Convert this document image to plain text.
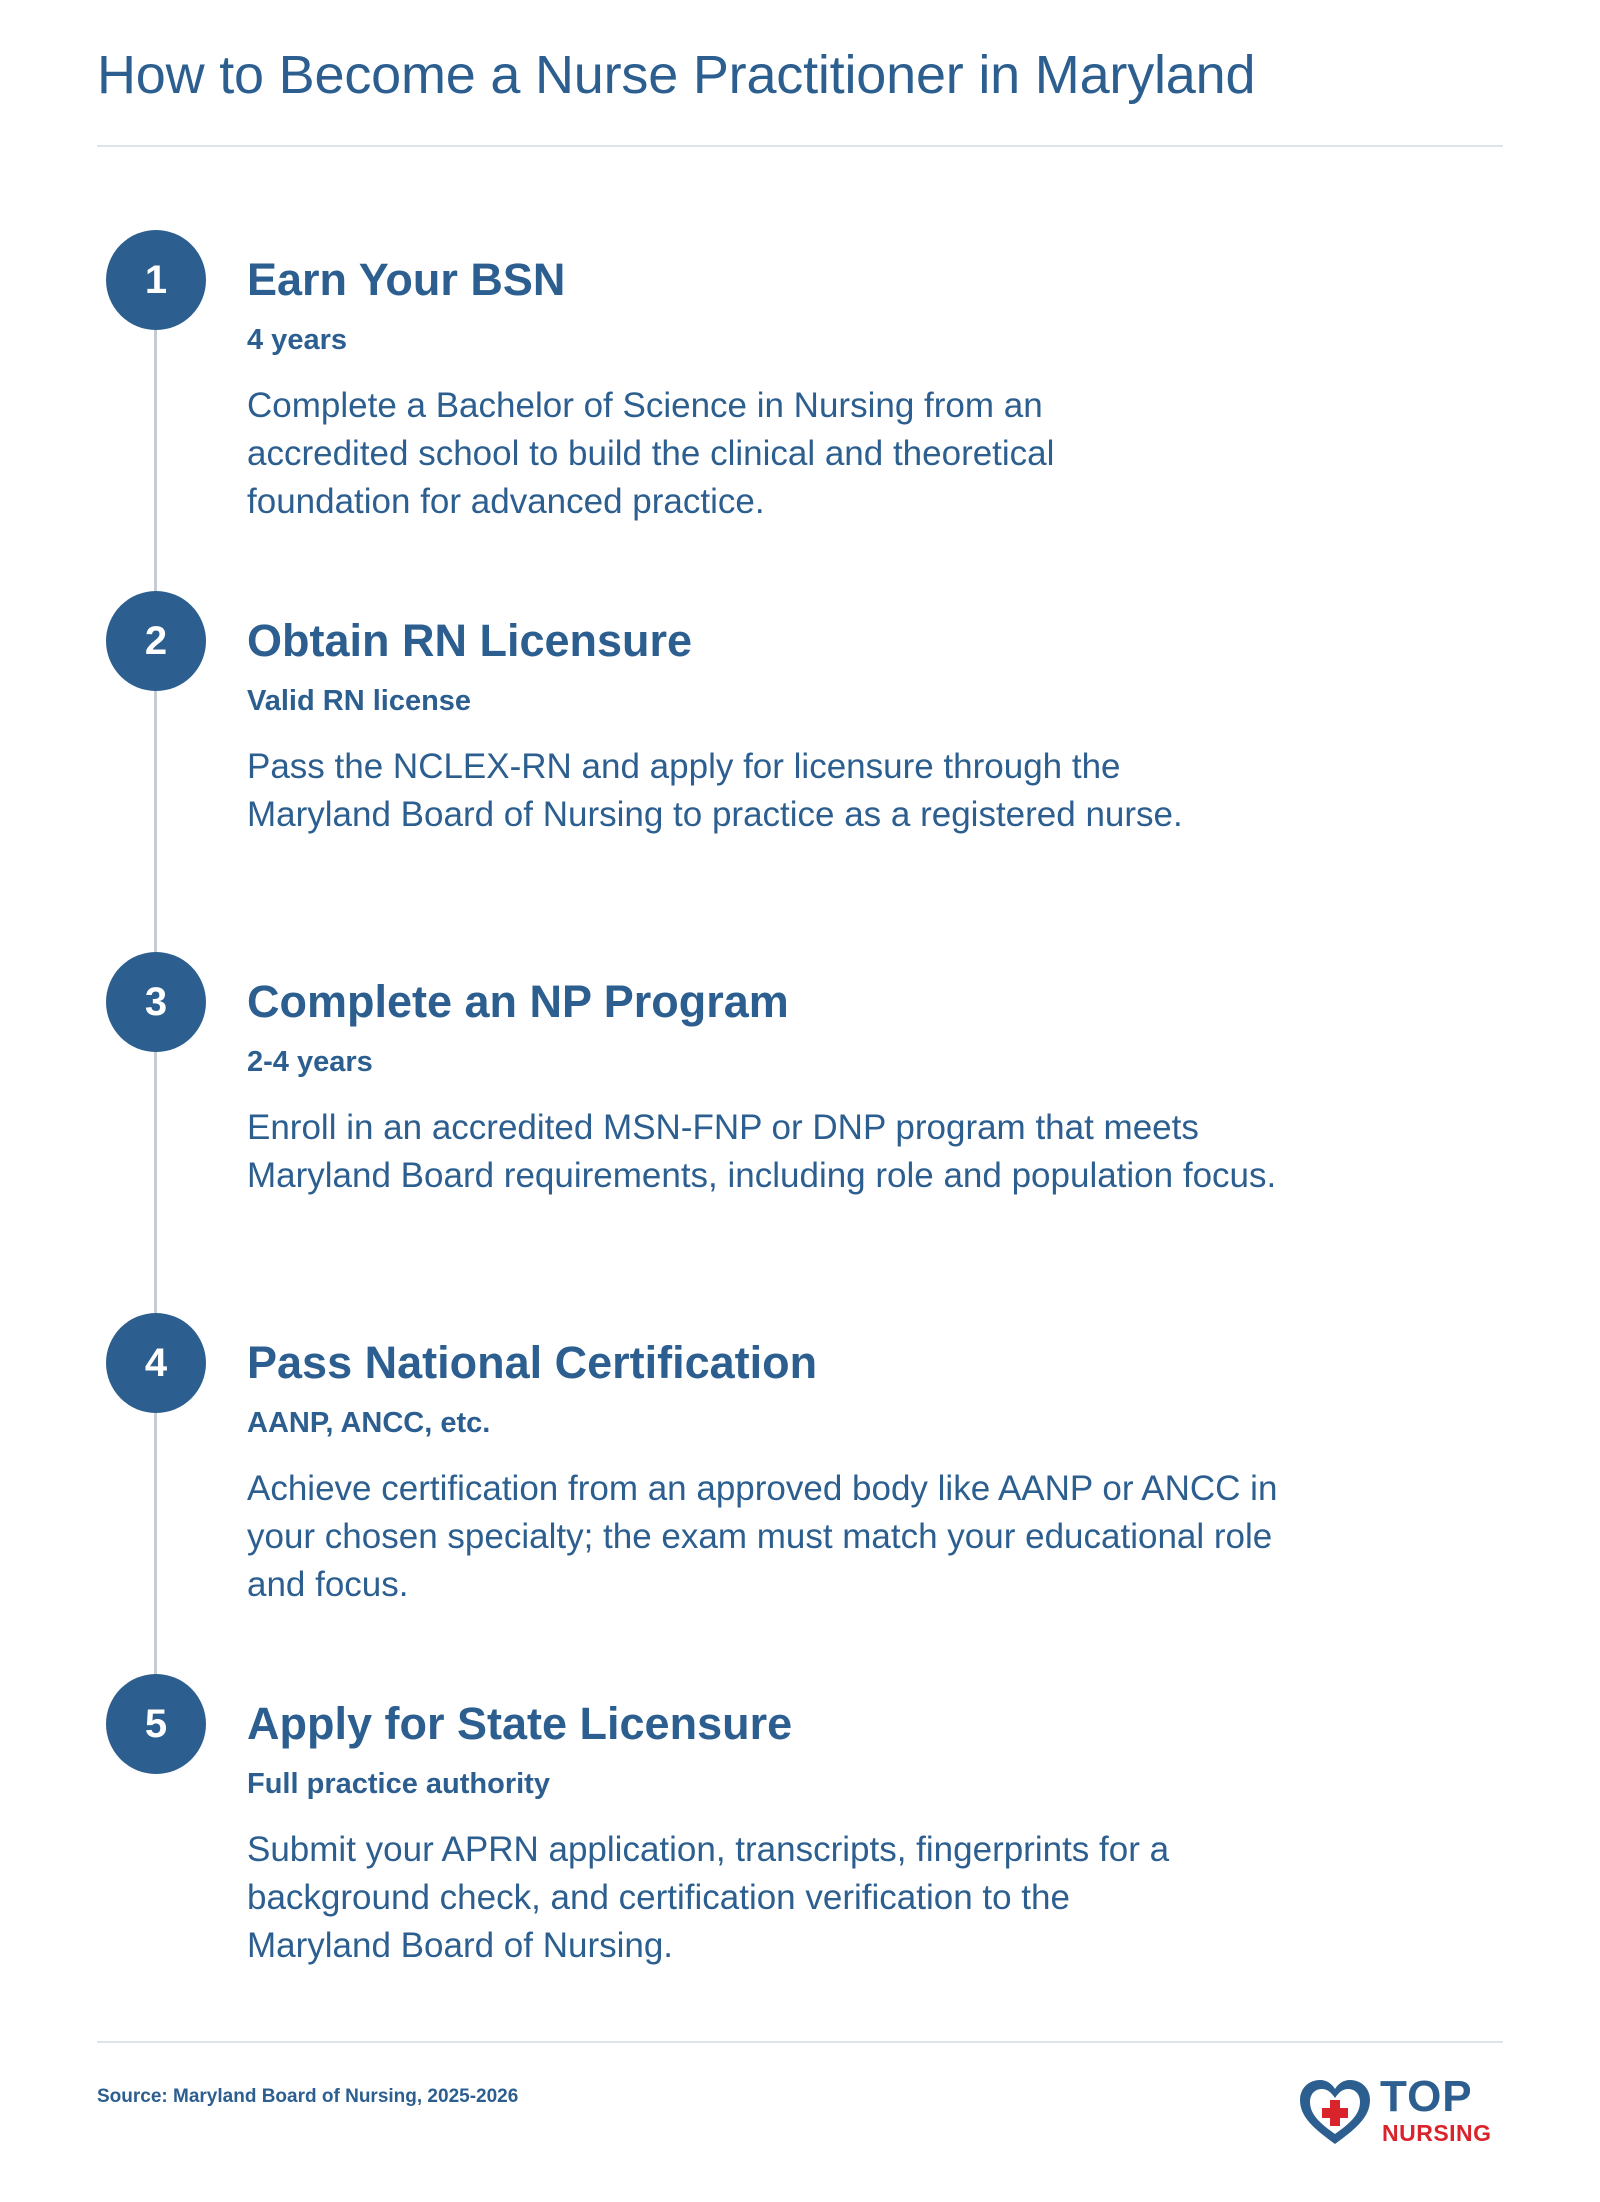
How to Become a Nurse Practitioner in Maryland
1	Earn Your BSN
4 years
Complete a Bachelor of Science in Nursing from an accredited school to build the clinical and theoretical foundation for advanced practice.
2	Obtain RN Licensure
Valid RN license
Pass the NCLEX-RN and apply for licensure through the Maryland Board of Nursing to practice as a registered nurse.
3	Complete an NP Program
2-4 years
Enroll in an accredited MSN-FNP or DNP program that meets Maryland Board requirements, including role and population focus.
4	Pass National Certification
AANP, ANCC, etc.
Achieve certification from an approved body like AANP or ANCC in your chosen specialty; the exam must match your educational role and focus.
5	Apply for State Licensure
Full practice authority
Submit your APRN application, transcripts, fingerprints for a background check, and certification verification to the Maryland Board of Nursing.
Source: Maryland Board of Nursing, 2025-2026	TOP
NURSING
